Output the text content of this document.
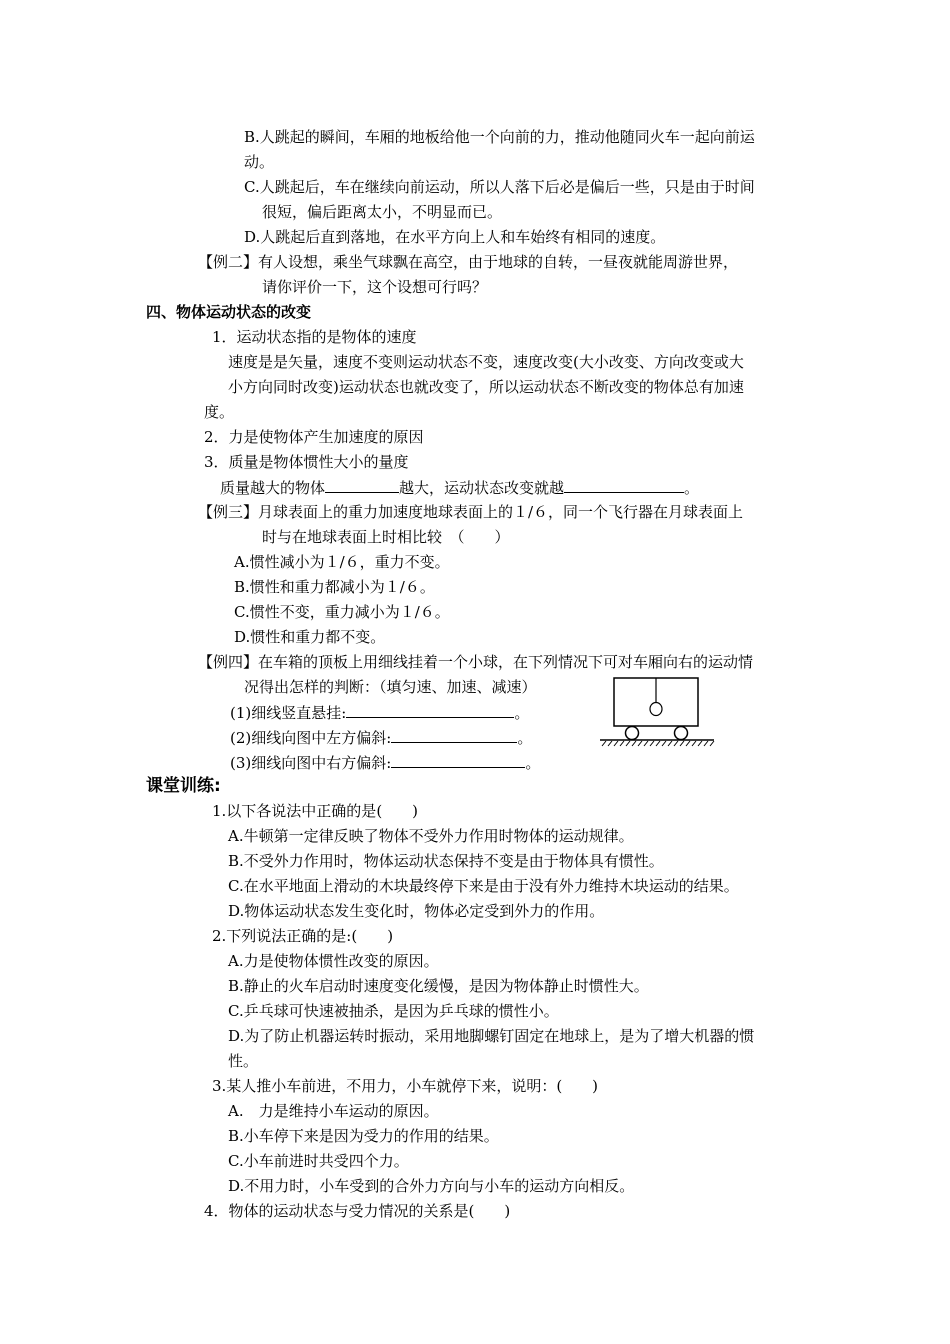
B.人跳起的瞬间，车厢的地板给他一个向前的力，推动他随同火车一起向前运
动。
C.人跳起后，车在继续向前运动，所以人落下后必是偏后一些，只是由于时间
很短，偏后距离太小，不明显而已。
D.人跳起后直到落地，在水平方向上人和车始终有相同的速度。
【例二】有人设想，乘坐气球飘在高空，由于地球的自转，一昼夜就能周游世界，
请你评价一下，这个设想可行吗？
四、物体运动状态的改变
1．运动状态指的是物体的速度
速度是是矢量，速度不变则运动状态不变，速度改变(大小改变、方向改变或大
小方向同时改变)运动状态也就改变了，所以运动状态不断改变的物体总有加速
度。
2．力是使物体产生加速度的原因
3．质量是物体惯性大小的量度
质量越大的物体	越大，运动状态改变就越	。
【例三】月球表面上的重力加速度地球表面上的１/６，同一个飞行器在月球表面上
时与在地球表面上时相比较　（　　）
A.惯性减小为１/６，重力不变。
B.惯性和重力都减小为１/６。
C.惯性不变，重力减小为１/６。
D.惯性和重力都不变。
【例四】在车箱的顶板上用细线挂着一个小球，在下列情况下可对车厢向右的运动情
况得出怎样的判断：（填匀速、加速、减速）
(1)细线竖直悬挂:	。
(2)细线向图中左方偏斜:	。
(3)细线向图中右方偏斜:	。
课堂训练:
1.以下各说法中正确的是(　　)
A.牛顿第一定律反映了物体不受外力作用时物体的运动规律。
B.不受外力作用时，物体运动状态保持不变是由于物体具有惯性。
C.在水平地面上滑动的木块最终停下来是由于没有外力维持木块运动的结果。
D.物体运动状态发生变化时，物体必定受到外力的作用。
2.下列说法正确的是:(　　)
A.力是使物体惯性改变的原因。
B.静止的火车启动时速度变化缓慢，是因为物体静止时惯性大。
C.乒乓球可快速被抽杀，是因为乒乓球的惯性小。
D.为了防止机器运转时振动，采用地脚螺钉固定在地球上，是为了增大机器的惯
性。
3.某人推小车前进，不用力，小车就停下来，说明：(　　)
A.　力是维持小车运动的原因。
B.小车停下来是因为受力的作用的结果。
C.小车前进时共受四个力。
D.不用力时，小车受到的合外力方向与小车的运动方向相反。
4．物体的运动状态与受力情况的关系是(　　)
